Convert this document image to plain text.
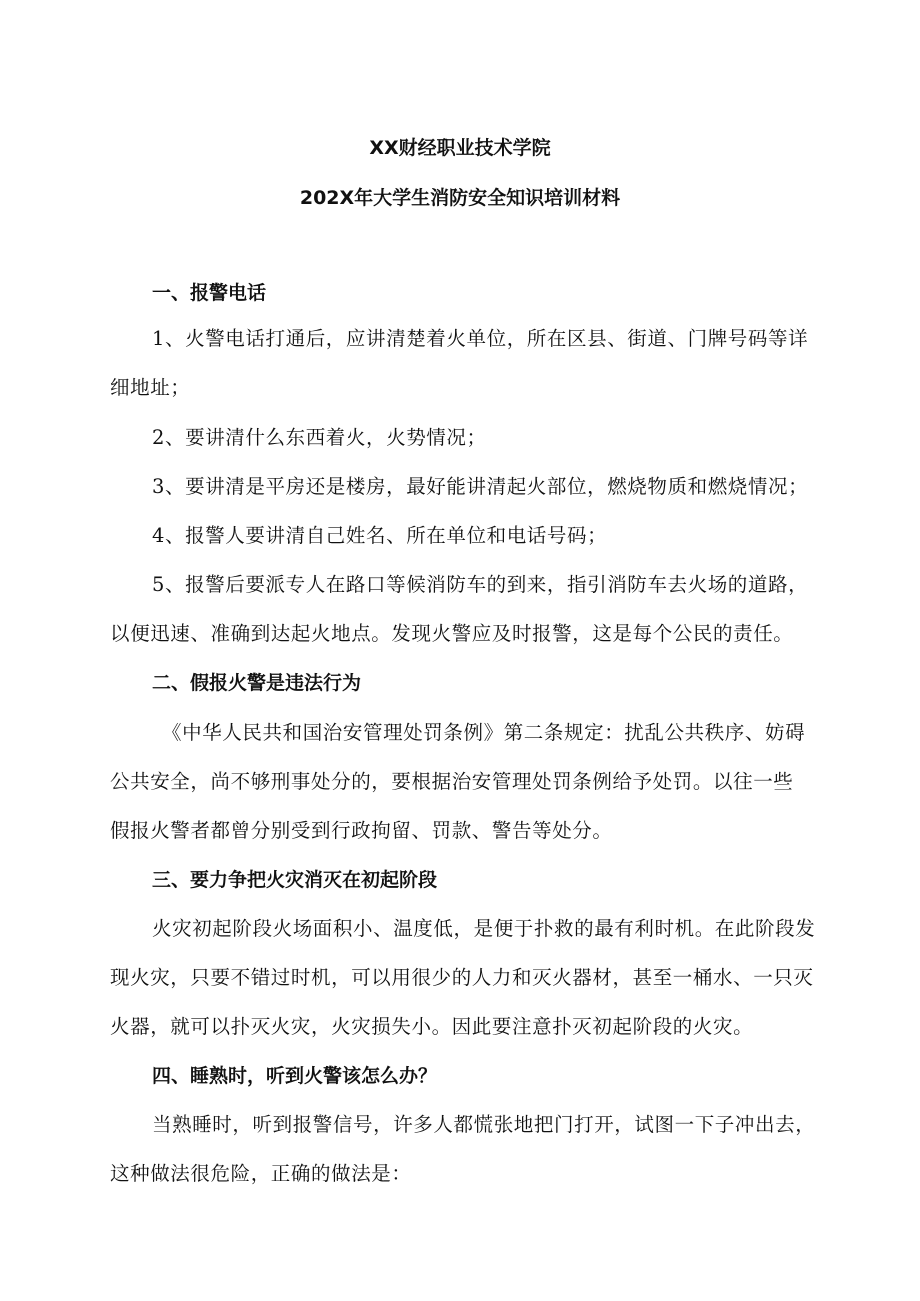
XX财经职业技术学院
202X年大学生消防安全知识培训材料
一、报警电话
1、火警电话打通后，应讲清楚着火单位，所在区县、街道、门牌号码等详
细地址；
2、要讲清什么东西着火，火势情况；
3、要讲清是平房还是楼房，最好能讲清起火部位，燃烧物质和燃烧情况；
4、报警人要讲清自己姓名、所在单位和电话号码；
5、报警后要派专人在路口等候消防车的到来，指引消防车去火场的道路，
以便迅速、准确到达起火地点。发现火警应及时报警，这是每个公民的责任。
二、假报火警是违法行为
《中华人民共和国治安管理处罚条例》第二条规定：扰乱公共秩序、妨碍
公共安全，尚不够刑事处分的，要根据治安管理处罚条例给予处罚。以往一些
假报火警者都曾分别受到行政拘留、罚款、警告等处分。
三、要力争把火灾消灭在初起阶段
火灾初起阶段火场面积小、温度低，是便于扑救的最有利时机。在此阶段发
现火灾，只要不错过时机，可以用很少的人力和灭火器材，甚至一桶水、一只灭
火器，就可以扑灭火灾，火灾损失小。因此要注意扑灭初起阶段的火灾。
四、睡熟时，听到火警该怎么办？
当熟睡时，听到报警信号，许多人都慌张地把门打开，试图一下子冲出去，
这种做法很危险，正确的做法是：
